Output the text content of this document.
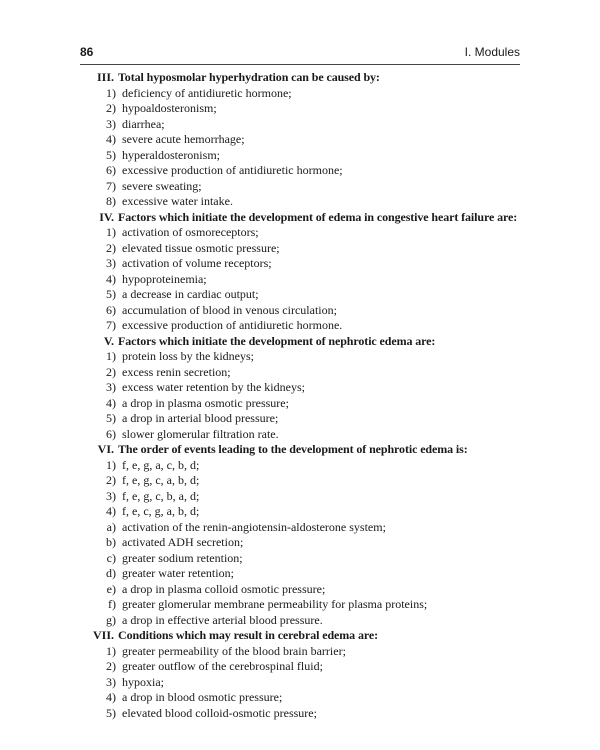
86	I. Modules
III. Total hyposmolar hyperhydration can be caused by:
1) deficiency of antidiuretic hormone;
2) hypoaldosteronism;
3) diarrhea;
4) severe acute hemorrhage;
5) hyperaldosteronism;
6) excessive production of antidiuretic hormone;
7) severe sweating;
8) excessive water intake.
IV. Factors which initiate the development of edema in congestive heart failure are:
1) activation of osmoreceptors;
2) elevated tissue osmotic pressure;
3) activation of volume receptors;
4) hypoproteinemia;
5) a decrease in cardiac output;
6) accumulation of blood in venous circulation;
7) excessive production of antidiuretic hormone.
V. Factors which initiate the development of nephrotic edema are:
1) protein loss by the kidneys;
2) excess renin secretion;
3) excess water retention by the kidneys;
4) a drop in plasma osmotic pressure;
5) a drop in arterial blood pressure;
6) slower glomerular filtration rate.
VI. The order of events leading to the development of nephrotic edema is:
1) f, e, g, a, c, b, d;
2) f, e, g, c, a, b, d;
3) f, e, g, c, b, a, d;
4) f, e, c, g, a, b, d;
a) activation of the renin-angiotensin-aldosterone system;
b) activated ADH secretion;
c) greater sodium retention;
d) greater water retention;
e) a drop in plasma colloid osmotic pressure;
f) greater glomerular membrane permeability for plasma proteins;
g) a drop in effective arterial blood pressure.
VII. Conditions which may result in cerebral edema are:
1) greater permeability of the blood brain barrier;
2) greater outflow of the cerebrospinal fluid;
3) hypoxia;
4) a drop in blood osmotic pressure;
5) elevated blood colloid-osmotic pressure;
